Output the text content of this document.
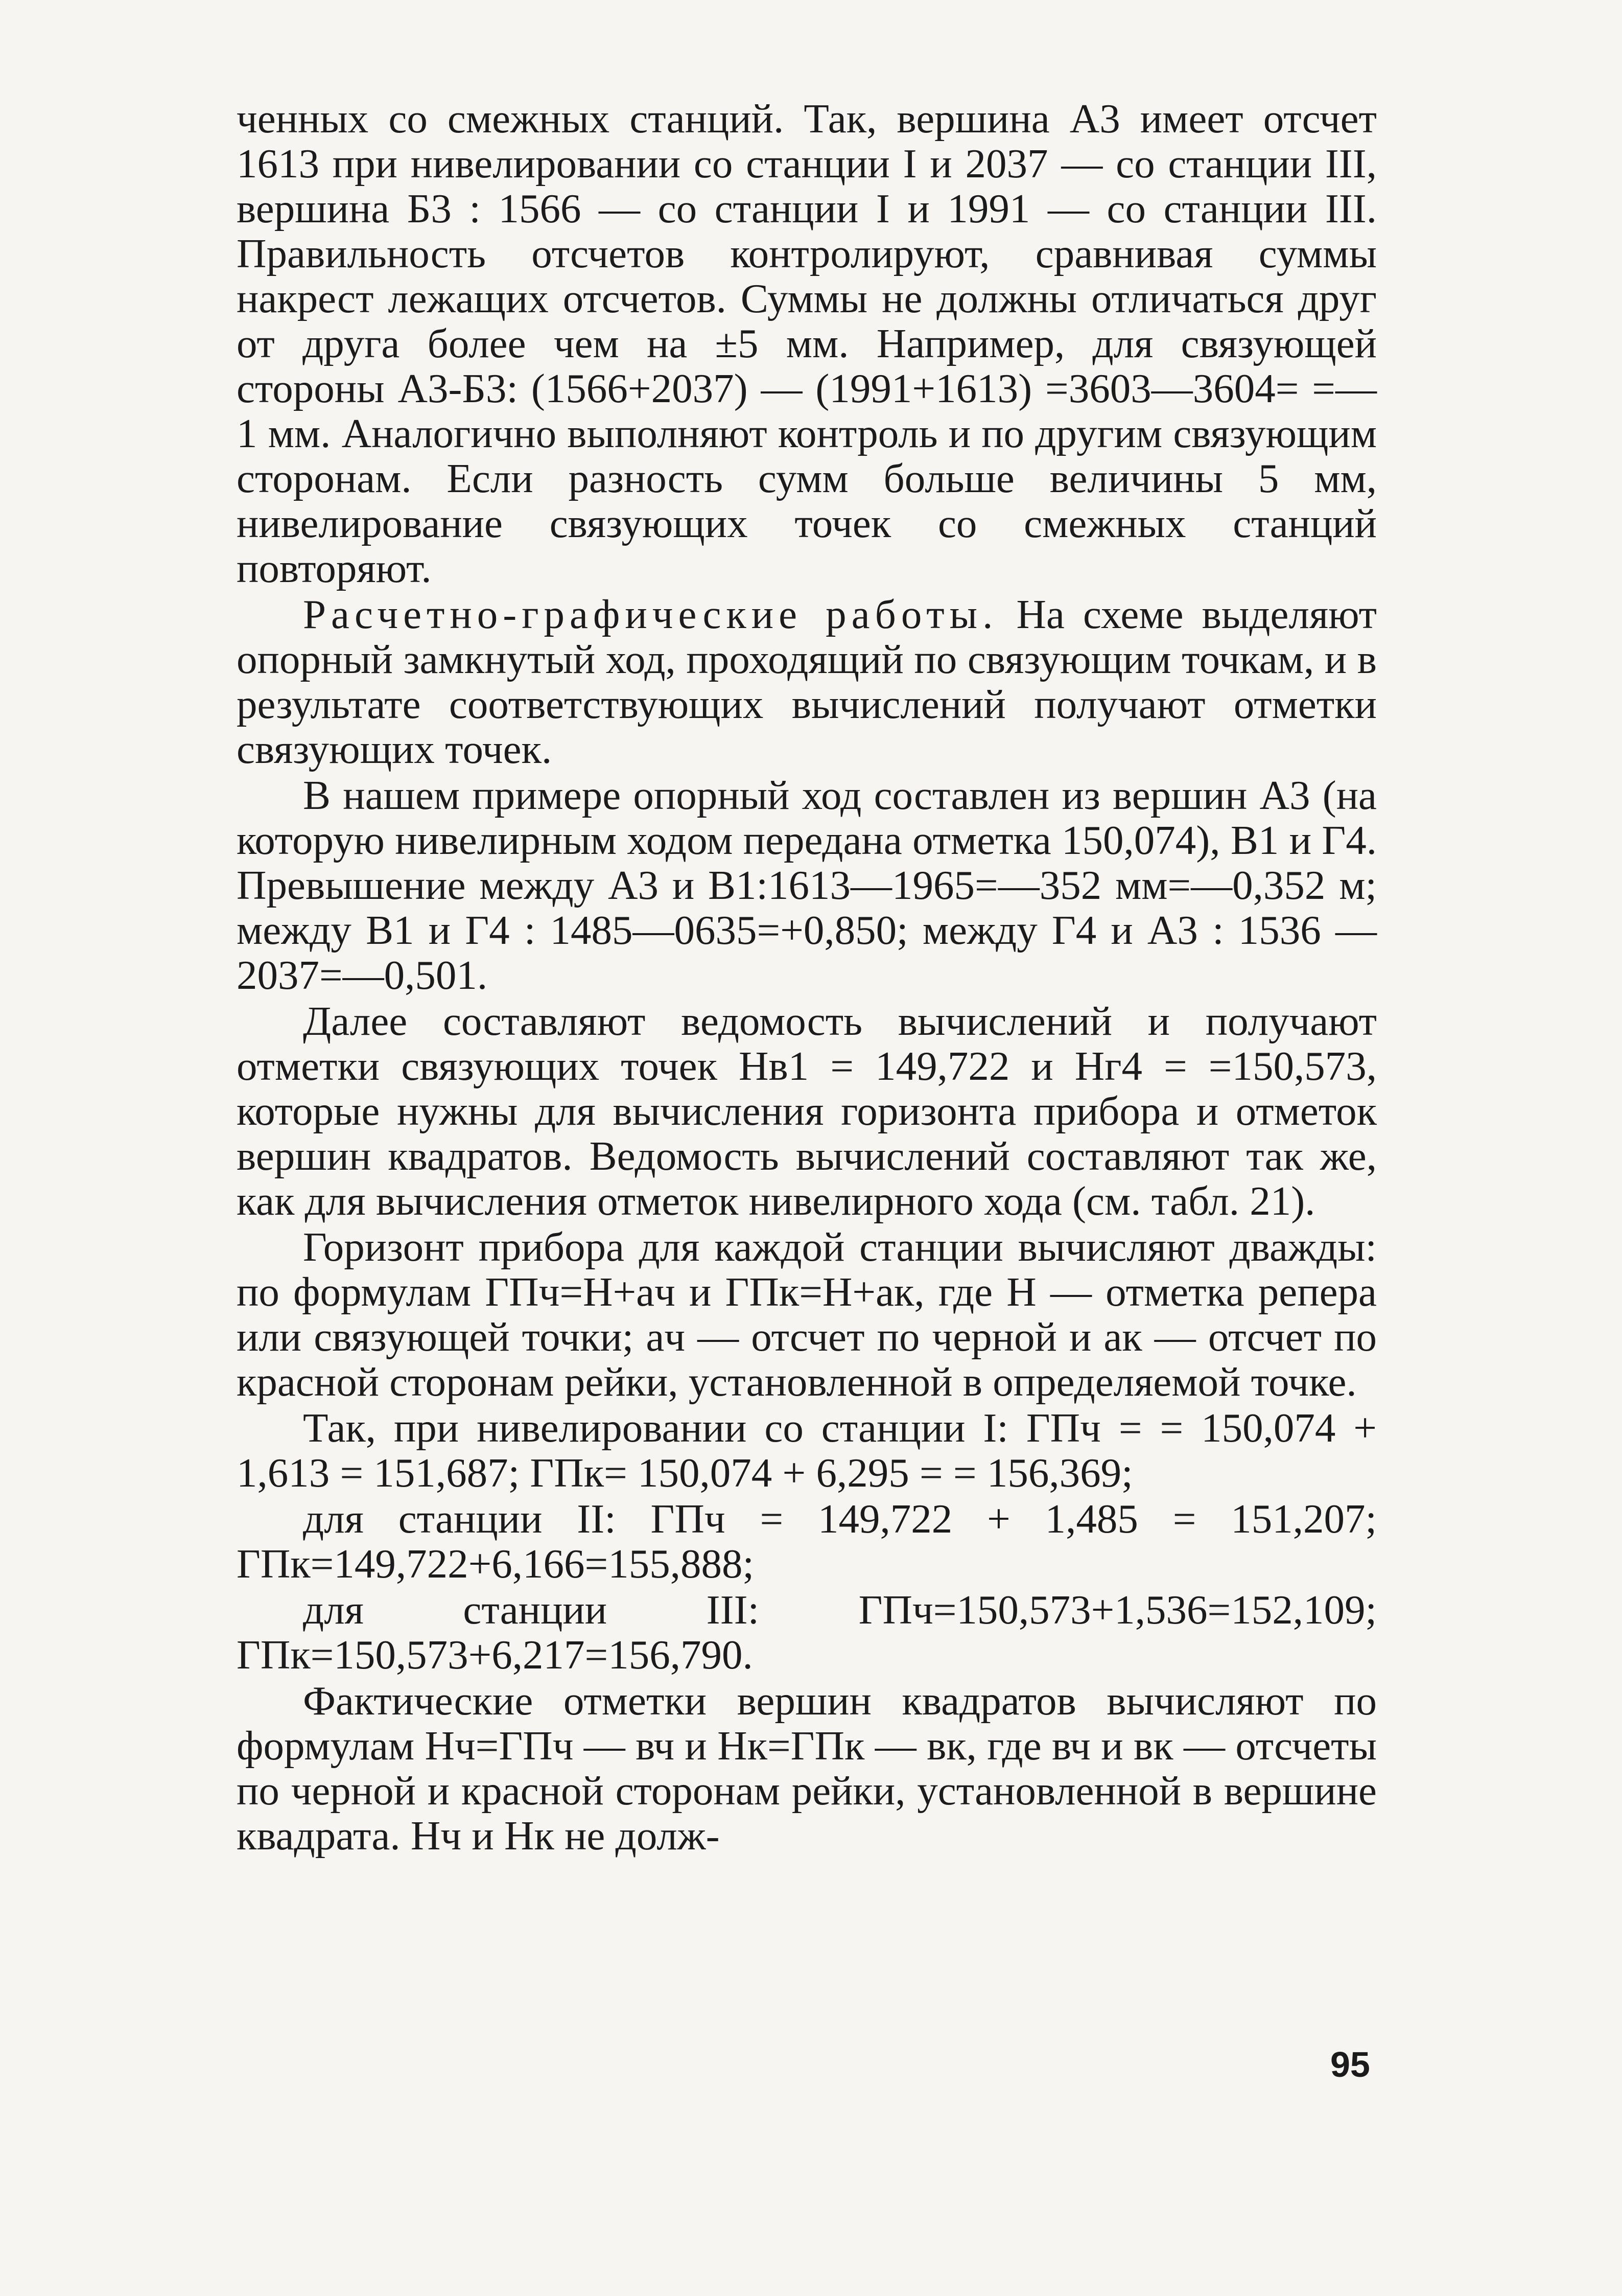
ченных со смежных станций. Так, вершина А3 имеет отсчет 1613 при нивелировании со станции I и 2037 — со станции III, вершина Б3 : 1566 — со станции I и 1991 — со станции III. Правильность отсчетов контролируют, сравнивая суммы накрест лежащих отсчетов. Суммы не должны отличаться друг от друга более чем на ±5 мм. Например, для связующей стороны А3-Б3: (1566+2037) — (1991+1613) =3603—3604= =—1 мм. Аналогично выполняют контроль и по другим связующим сторонам. Если разность сумм больше величины 5 мм, нивелирование связующих точек со смежных станций повторяют.

Расчетно-графические работы. На схеме выделяют опорный замкнутый ход, проходящий по связующим точкам, и в результате соответствующих вычислений получают отметки связующих точек.

В нашем примере опорный ход составлен из вершин А3 (на которую нивелирным ходом передана отметка 150,074), В1 и Г4. Превышение между А3 и В1:1613—1965=—352 мм=—0,352 м; между В1 и Г4 : 1485—0635=+0,850; между Г4 и А3 : 1536 —2037=—0,501.

Далее составляют ведомость вычислений и получают отметки связующих точек Hв1 = 149,722 и Hг4 = =150,573, которые нужны для вычисления горизонта прибора и отметок вершин квадратов. Ведомость вычислений составляют так же, как для вычисления отметок нивелирного хода (см. табл. 21).

Горизонт прибора для каждой станции вычисляют дважды: по формулам ГПч=H+aч и ГПк=H+aк, где H — отметка репера или связующей точки; aч — отсчет по черной и aк — отсчет по красной сторонам рейки, установленной в определяемой точке.

Так, при нивелировании со станции I: ГПч = = 150,074 + 1,613 = 151,687; ГПк= 150,074 + 6,295 = = 156,369;

для станции II: ГПч = 149,722 + 1,485 = 151,207; ГПк=149,722+6,166=155,888;

для станции III: ГПч=150,573+1,536=152,109; ГПк=150,573+6,217=156,790.

Фактические отметки вершин квадратов вычисляют по формулам Hч=ГПч — вч и Hк=ГПк — вк, где вч и вк — отсчеты по черной и красной сторонам рейки, установленной в вершине квадрата. Hч и Hк не долж-

95
